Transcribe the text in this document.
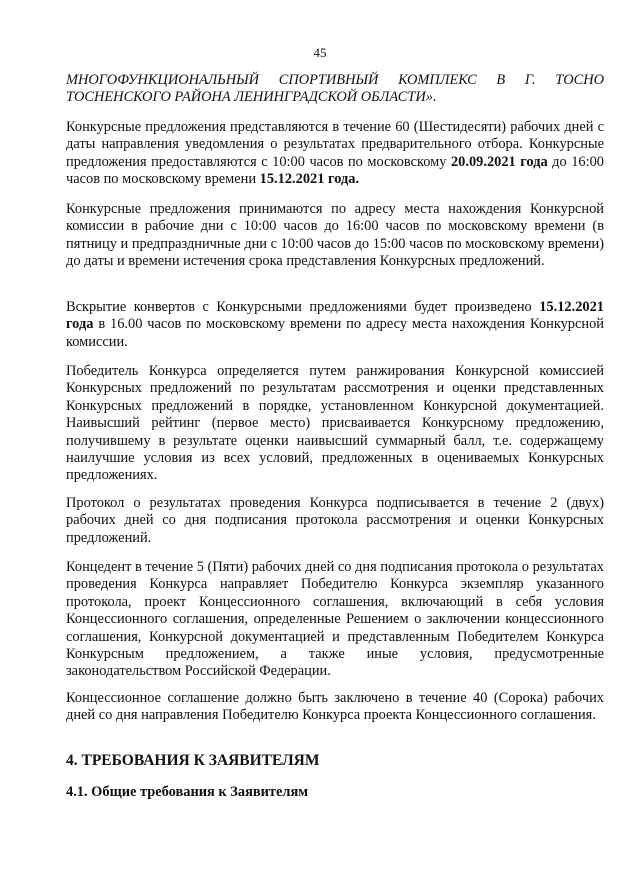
45

МНОГОФУНКЦИОНАЛЬНЫЙ СПОРТИВНЫЙ КОМПЛЕКС В Г. ТОСНО ТОСНЕНСКОГО РАЙОНА ЛЕНИНГРАДСКОЙ ОБЛАСТИ».

Конкурсные предложения представляются в течение 60 (Шестидесяти) рабочих дней с даты направления уведомления о результатах предварительного отбора. Конкурсные предложения предоставляются с 10:00 часов по московскому 20.09.2021 года до 16:00 часов по московскому времени 15.12.2021 года.

Конкурсные предложения принимаются по адресу места нахождения Конкурсной комиссии в рабочие дни с 10:00 часов до 16:00 часов по московскому времени (в пятницу и предпраздничные дни с 10:00 часов до 15:00 часов по московскому времени) до даты и времени истечения срока представления Конкурсных предложений.

Вскрытие конвертов с Конкурсными предложениями будет произведено 15.12.2021 года в 16.00 часов по московскому времени по адресу места нахождения Конкурсной комиссии.

Победитель Конкурса определяется путем ранжирования Конкурсной комиссией Конкурсных предложений по результатам рассмотрения и оценки представленных Конкурсных предложений в порядке, установленном Конкурсной документацией. Наивысший рейтинг (первое место) присваивается Конкурсному предложению, получившему в результате оценки наивысший суммарный балл, т.е. содержащему наилучшие условия из всех условий, предложенных в оцениваемых Конкурсных предложениях.

Протокол о результатах проведения Конкурса подписывается в течение 2 (двух) рабочих дней со дня подписания протокола рассмотрения и оценки Конкурсных предложений.

Концедент в течение 5 (Пяти) рабочих дней со дня подписания протокола о результатах проведения Конкурса направляет Победителю Конкурса экземпляр указанного протокола, проект Концессионного соглашения, включающий в себя условия Концессионного соглашения, определенные Решением о заключении концессионного соглашения, Конкурсной документацией и представленным Победителем Конкурса Конкурсным предложением, а также иные условия, предусмотренные законодательством Российской Федерации.

Концессионное соглашение должно быть заключено в течение 40 (Сорока) рабочих дней со дня направления Победителю Конкурса проекта Концессионного соглашения.

4. ТРЕБОВАНИЯ К ЗАЯВИТЕЛЯМ
4.1. Общие требования к Заявителям
